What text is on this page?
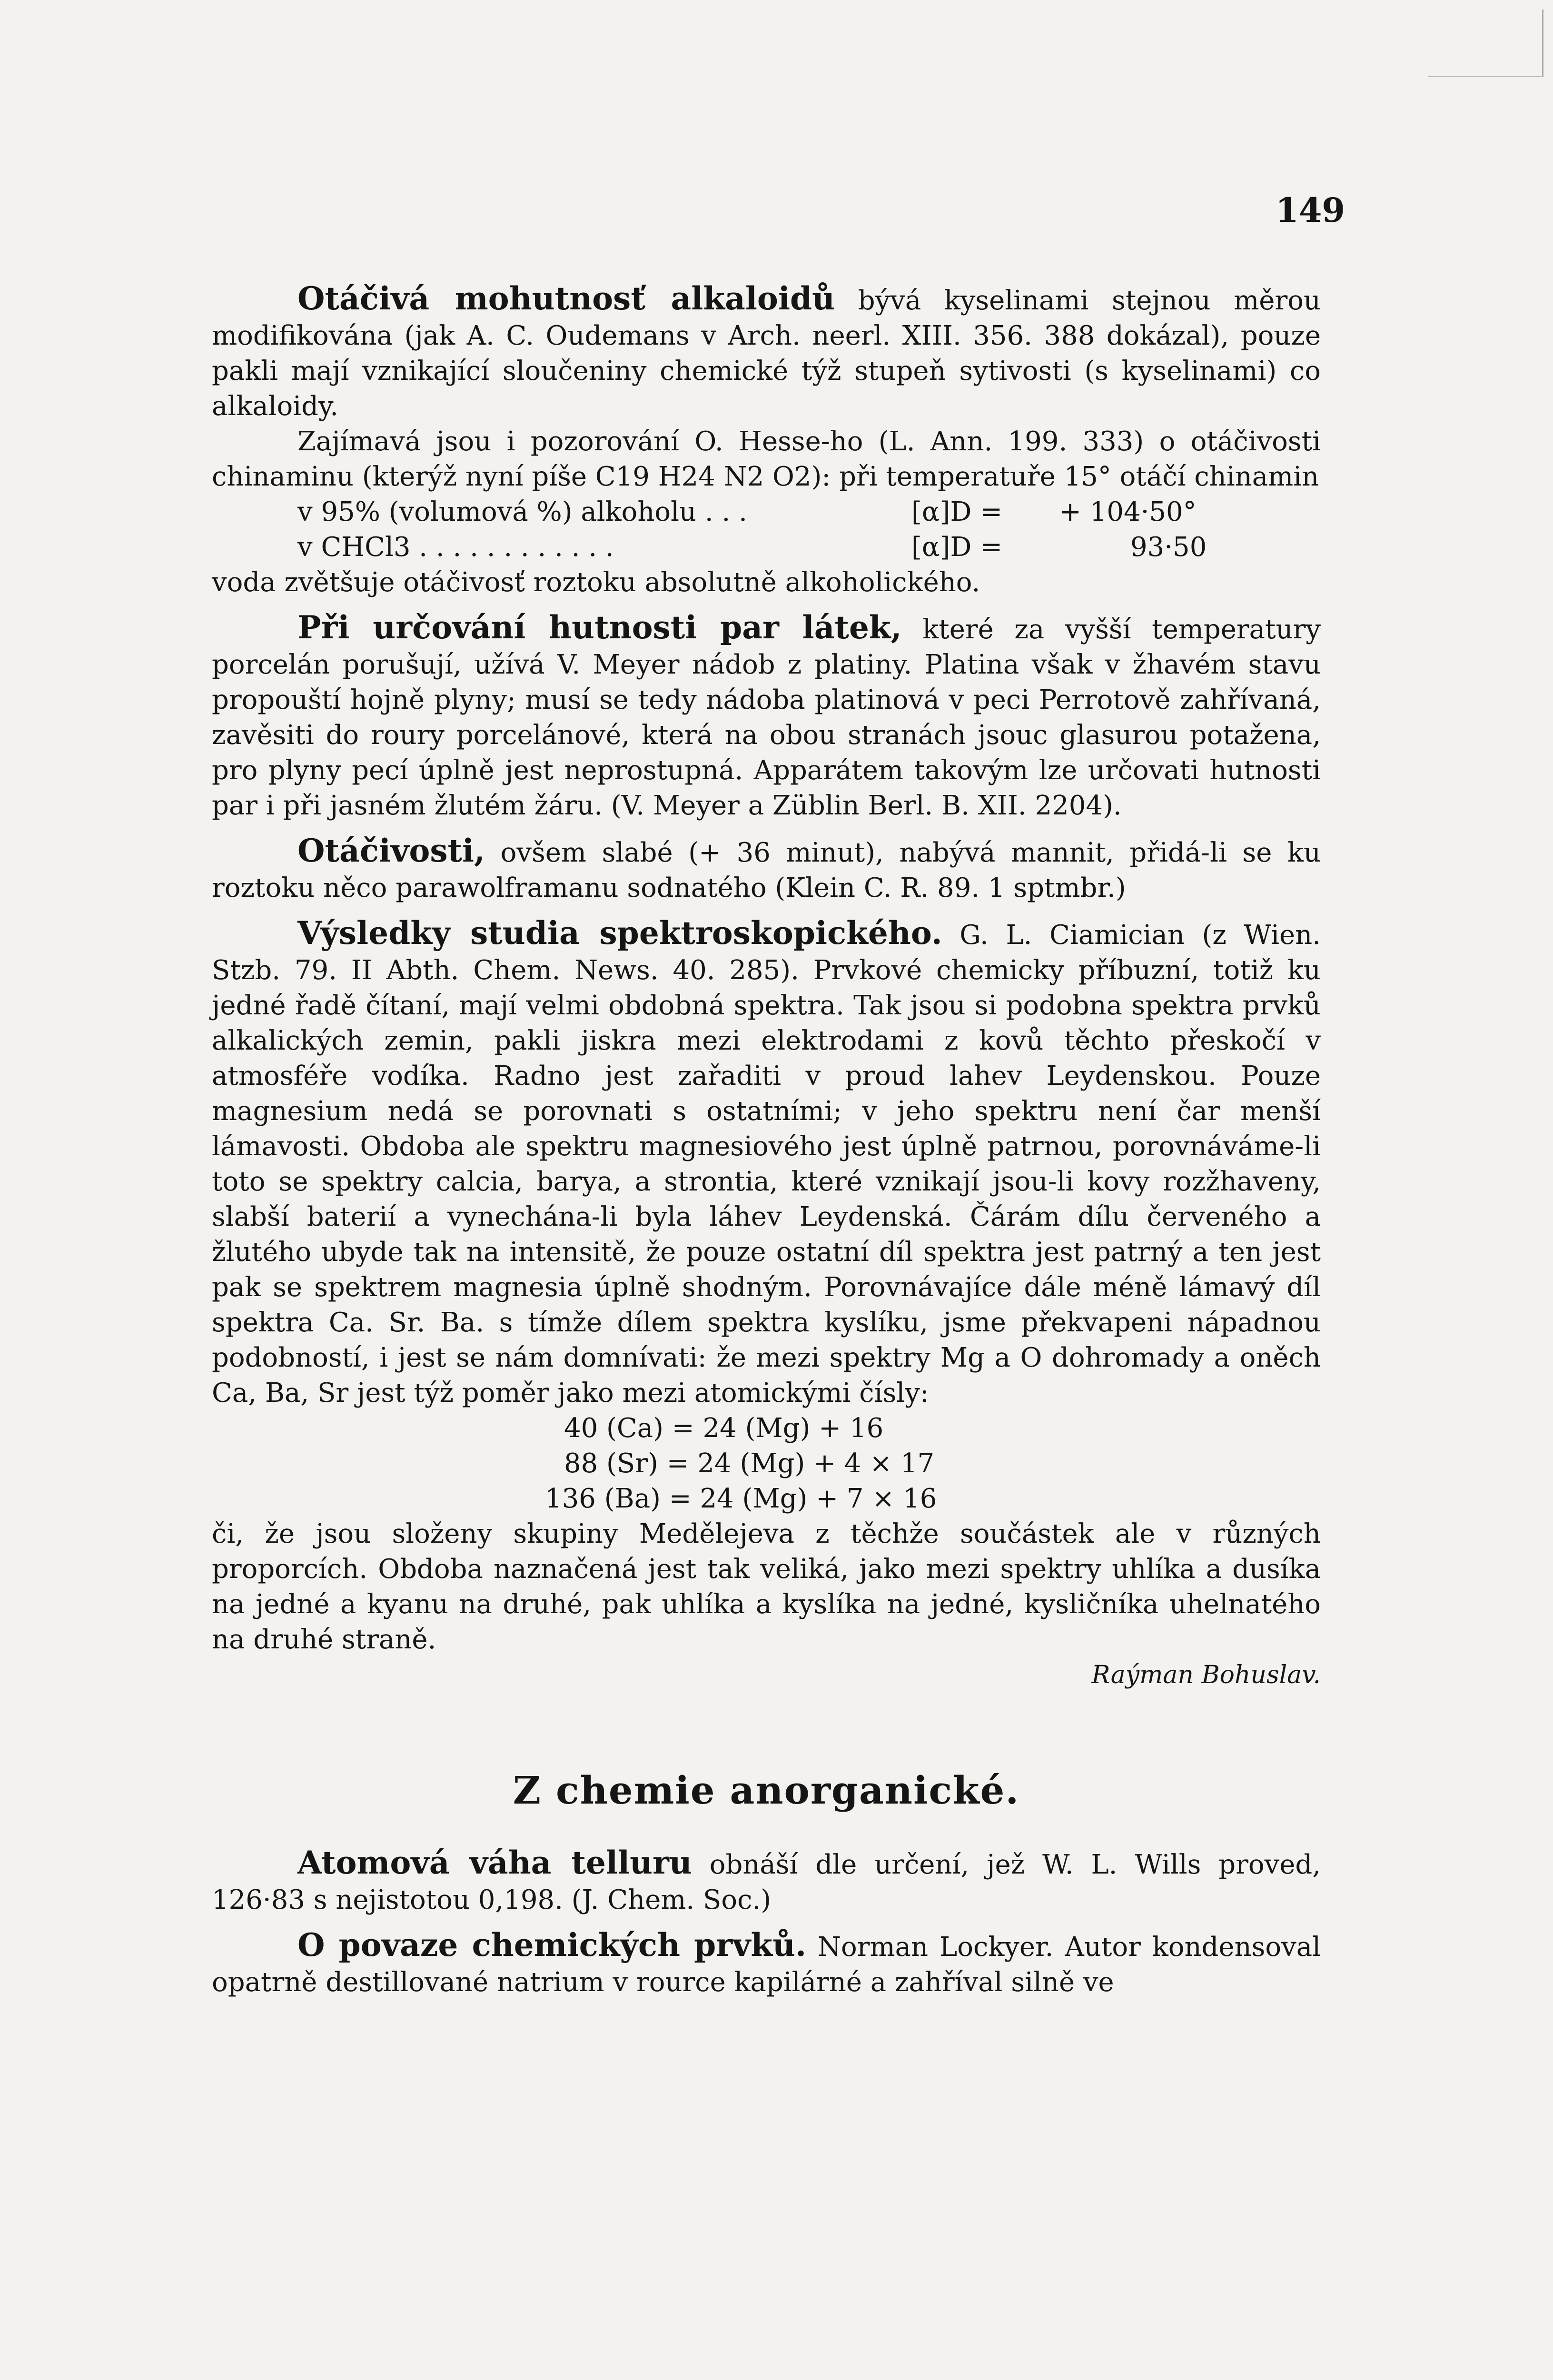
149

Otáčivá mohutnosť alkaloidů bývá kyselinami stejnou měrou modifikována (jak A. C. Oudemans v Arch. neerl. XIII. 356. 388 dokázal), pouze pakli mají vznikající sloučeniny chemické týž stupeň sytivosti (s kyselinami) co alkaloidy.

Zajímavá jsou i pozorování O. Hesse-ho (L. Ann. 199. 333) o otáčivosti chinaminu (kterýž nyní píše C19 H24 N2 O2): při temperatuře 15° otáčí chinamin

v 95% (volumová %) alkoholu . . .	[α]D = + 104·50°
v CHCl3 . . . . . . . . . . . .	[α]D =	93·50

voda zvětšuje otáčivosť roztoku absolutně alkoholického.

Při určování hutnosti par látek, které za vyšší temperatury porcelán porušují, užívá V. Meyer nádob z platiny. Platina však v žhavém stavu propouští hojně plyny; musí se tedy nádoba platinová v peci Perrotově zahřívaná, zavěsiti do roury porcelánové, která na obou stranách jsouc glasurou potažena, pro plyny pecí úplně jest neprostupná. Apparátem takovým lze určovati hutnosti par i při jasném žlutém žáru. (V. Meyer a Züblin Berl. B. XII. 2204).

Otáčivosti, ovšem slabé (+ 36 minut), nabývá mannit, přidá-li se ku roztoku něco parawolframanu sodnatého (Klein C. R. 89. 1 sptmbr.)

Výsledky studia spektroskopického. G. L. Ciamician (z Wien. Stzb. 79. II Abth. Chem. News. 40. 285). Prvkové chemicky příbuzní, totiž ku jedné řadě čítaní, mají velmi obdobná spektra. Tak jsou si podobna spektra prvků alkalických zemin, pakli jiskra mezi elektrodami z kovů těchto přeskočí v atmosféře vodíka. Radno jest zařaditi v proud lahev Leydenskou. Pouze magnesium nedá se porovnati s ostatními; v jeho spektru není čar menší lámavosti. Obdoba ale spektru magnesiového jest úplně patrnou, porovnáváme-li toto se spektry calcia, barya, a strontia, které vznikají jsou-li kovy rozžhaveny, slabší baterií a vynechána-li byla láhev Leydenská. Čárám dílu červeného a žlutého ubyde tak na intensitě, že pouze ostatní díl spektra jest patrný a ten jest pak se spektrem magnesia úplně shodným. Porovnávajíce dále méně lámavý díl spektra Ca. Sr. Ba. s tímže dílem spektra kyslíku, jsme překvapeni nápadnou podobností, i jest se nám domnívati: že mezi spektry Mg a O dohromady a oněch Ca, Ba, Sr jest týž poměr jako mezi atomickými čísly:

40 (Ca) = 24 (Mg) + 16
88 (Sr) = 24 (Mg) + 4 × 17
136 (Ba) = 24 (Mg) + 7 × 16

či, že jsou složeny skupiny Medělejeva z těchže součástek ale v různých proporcích. Obdoba naznačená jest tak veliká, jako mezi spektry uhlíka a dusíka na jedné a kyanu na druhé, pak uhlíka a kyslíka na jedné, kysličníka uhelnatého na druhé straně.

Raýman Bohuslav.

Z chemie anorganické.

Atomová váha telluru obnáší dle určení, jež W. L. Wills proved, 126·83 s nejistotou 0,198. (J. Chem. Soc.)

O povaze chemických prvků. Norman Lockyer. Autor kondensoval opatrně destillované natrium v rource kapilárné a zahříval silně ve
